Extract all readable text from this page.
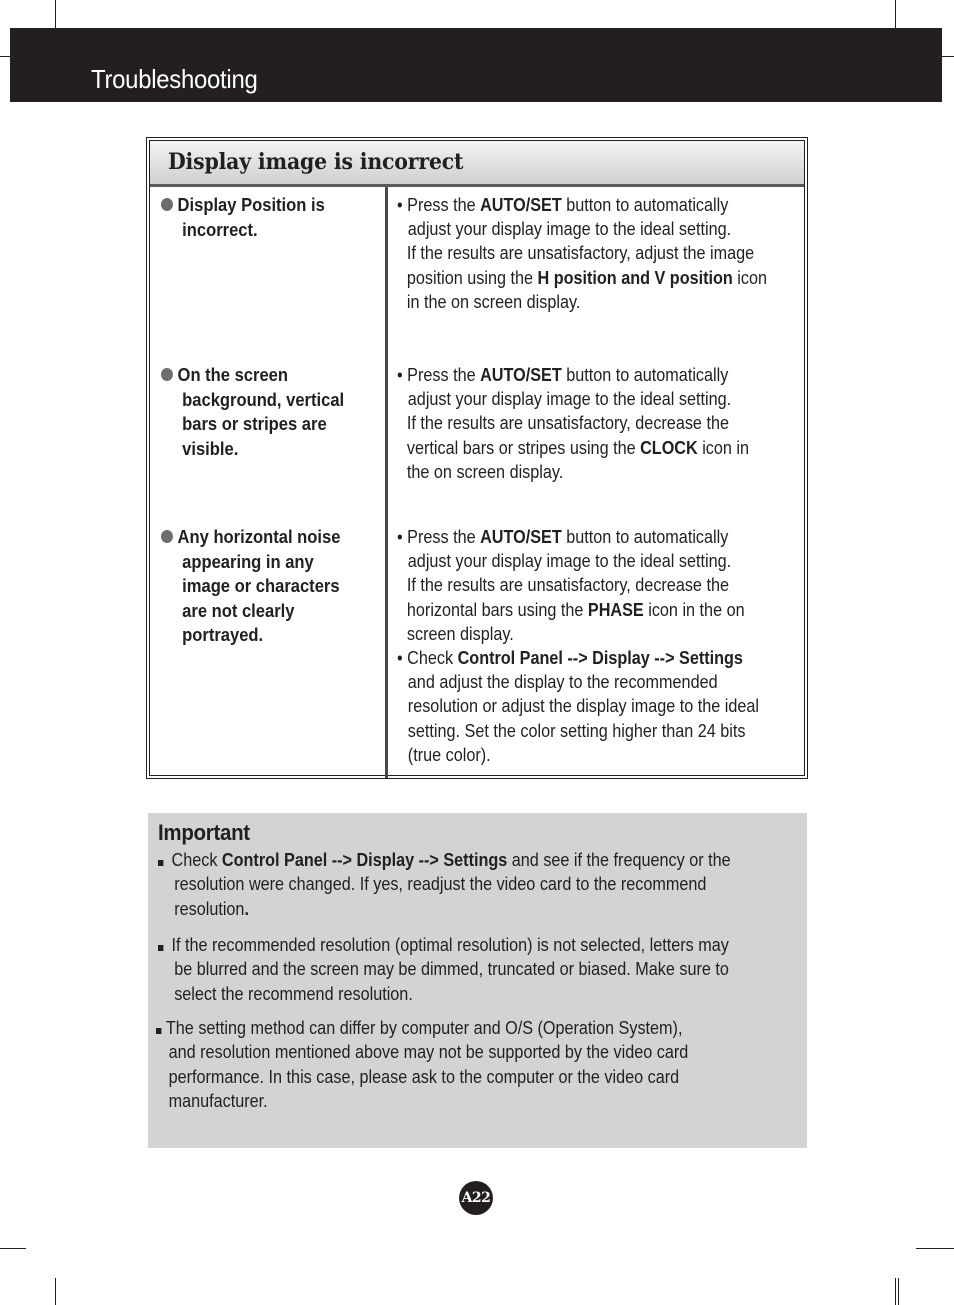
Troubleshooting
Display image is incorrect
Display Position is
incorrect.
• Press the AUTO/SET button to automatically
adjust your display image to the ideal setting.
If the results are unsatisfactory, adjust the image
position using the H position and V position icon
in the on screen display.
On the screen
background, vertical
bars or stripes are
visible.
• Press the AUTO/SET button to automatically
adjust your display image to the ideal setting.
If the results are unsatisfactory, decrease the
vertical bars or stripes using the CLOCK icon in
the on screen display.
Any horizontal noise
appearing in any
image or characters
are not clearly
portrayed.
• Press the AUTO/SET button to automatically
adjust your display image to the ideal setting.
If the results are unsatisfactory, decrease the
horizontal bars using the PHASE icon in the on
screen display.
• Check Control Panel --> Display --> Settings
and adjust the display to the recommended
resolution or adjust the display image to the ideal
setting. Set the color setting higher than 24 bits
(true color).
Important
Check Control Panel --> Display --> Settings and see if the frequency or the
resolution were changed. If yes, readjust the video card to the recommend
resolution.
If the recommended resolution (optimal resolution) is not selected, letters may
be blurred and the screen may be dimmed, truncated or biased. Make sure to
select the recommend resolution.
The setting method can differ by computer and O/S (Operation System),
and resolution mentioned above may not be supported by the video card
performance. In this case, please ask to the computer or the video card
manufacturer.
A22
